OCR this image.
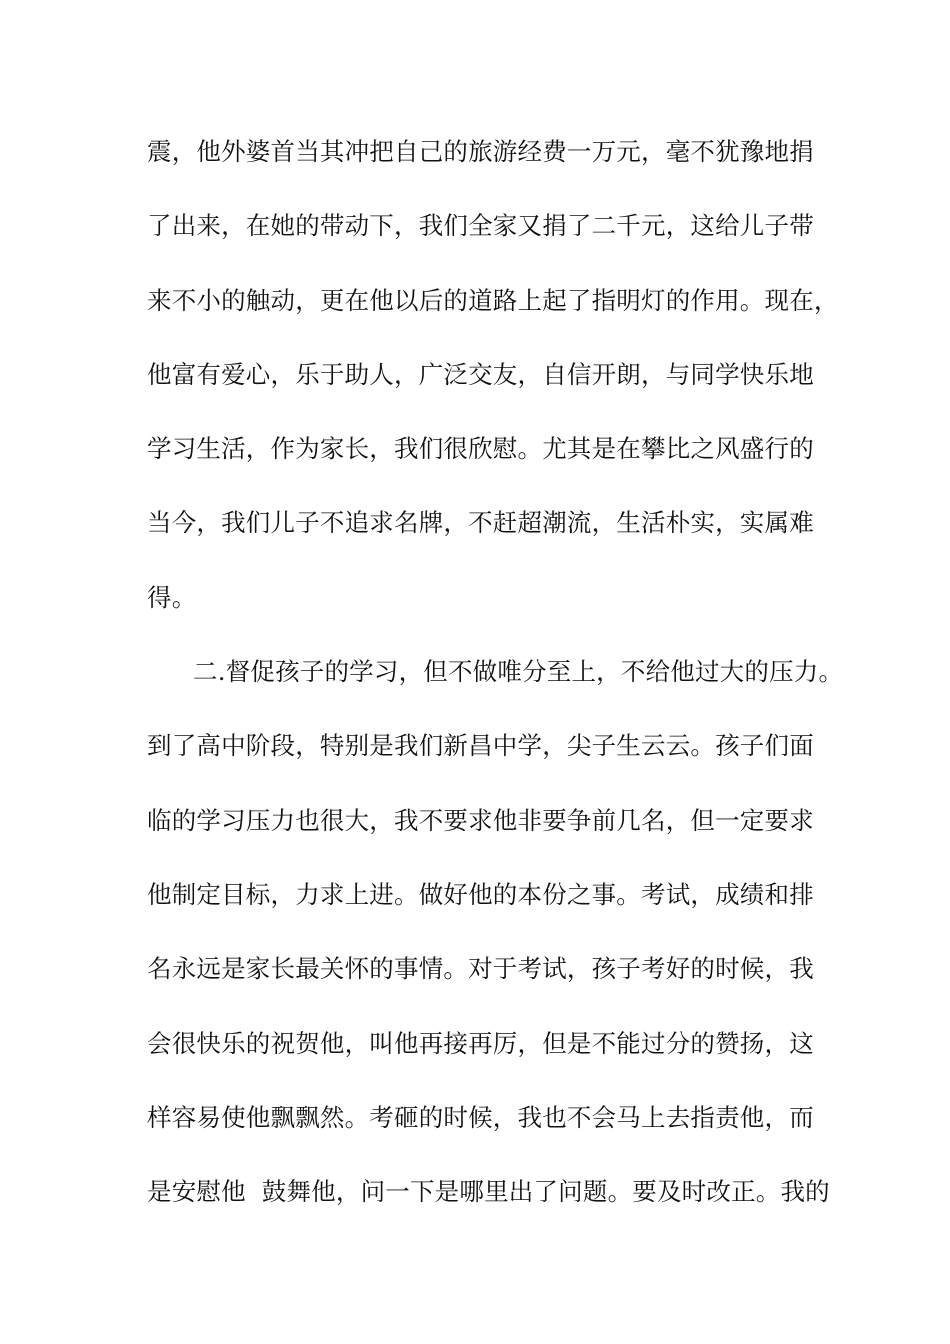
震，他外婆首当其冲把自己的旅游经费一万元，毫不犹豫地捐
了出来，在她的带动下，我们全家又捐了二千元，这给儿子带
来不小的触动，更在他以后的道路上起了指明灯的作用。现在，
他富有爱心，乐于助人，广泛交友，自信开朗，与同学快乐地
学习生活，作为家长，我们很欣慰。尤其是在攀比之风盛行的
当今，我们儿子不追求名牌，不赶超潮流，生活朴实，实属难
得。
二.督促孩子的学习，但不做唯分至上，不给他过大的压力。
到了高中阶段，特别是我们新昌中学，尖子生云云。孩子们面
临的学习压力也很大，我不要求他非要争前几名，但一定要求
他制定目标，力求上进。做好他的本份之事。考试，成绩和排
名永远是家长最关怀的事情。对于考试，孩子考好的时候，我
会很快乐的祝贺他，叫他再接再厉，但是不能过分的赞扬，这
样容易使他飘飘然。考砸的时候，我也不会马上去指责他，而
是安慰他  鼓舞他，问一下是哪里出了问题。要及时改正。我的
